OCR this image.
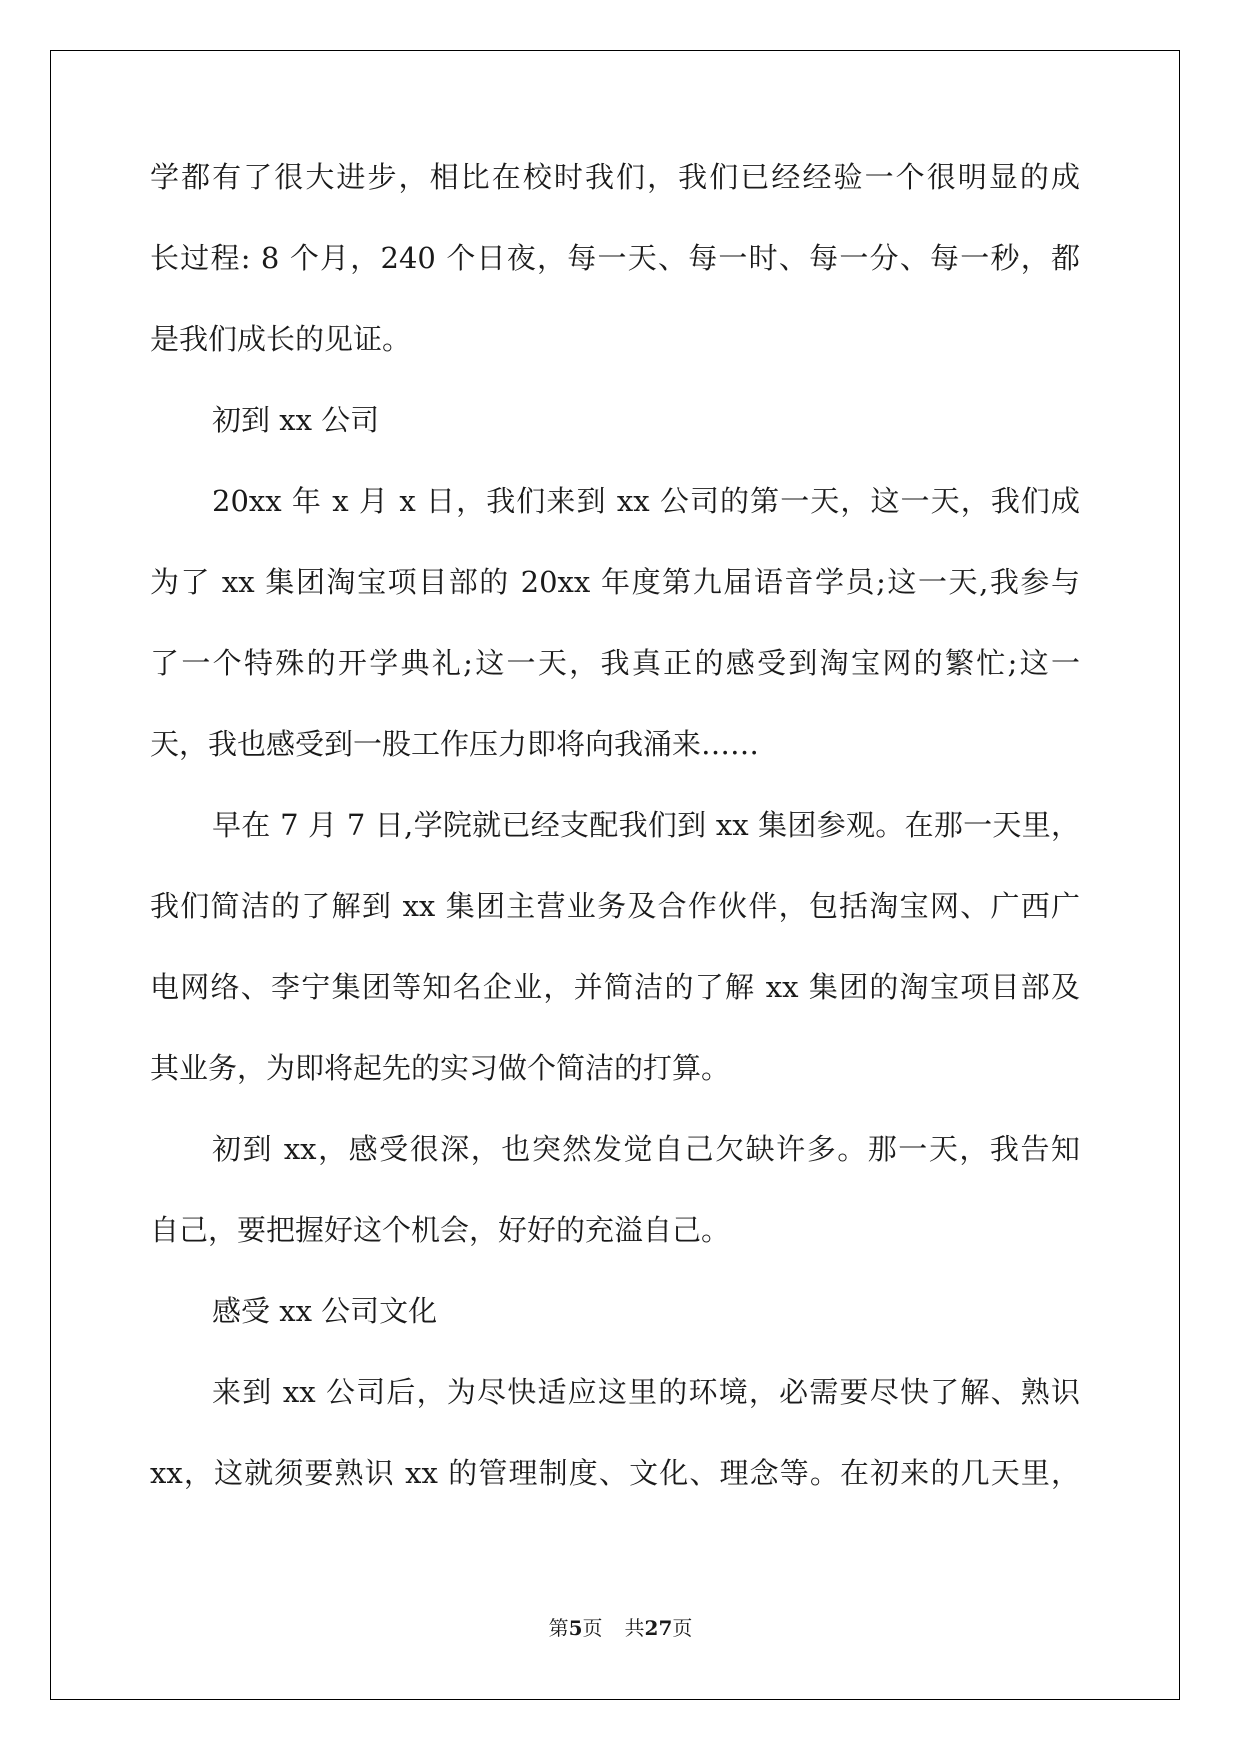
学都有了很大进步，相比在校时我们，我们已经经验一个很明显的成
长过程: 8 个月，240 个日夜，每一天、每一时、每一分、每一秒，都
是我们成长的见证。
初到 xx 公司
20xx 年 x 月 x 日，我们来到 xx 公司的第一天，这一天，我们成
为了 xx 集团淘宝项目部的 20xx 年度第九届语音学员;这一天,我参与
了一个特殊的开学典礼;这一天，我真正的感受到淘宝网的繁忙;这一
天，我也感受到一股工作压力即将向我涌来……
早在 7 月 7 日,学院就已经支配我们到 xx 集团参观。在那一天里，
我们简洁的了解到 xx 集团主营业务及合作伙伴，包括淘宝网、广西广
电网络、李宁集团等知名企业，并简洁的了解 xx 集团的淘宝项目部及
其业务，为即将起先的实习做个简洁的打算。
初到 xx，感受很深，也突然发觉自己欠缺许多。那一天，我告知
自己，要把握好这个机会，好好的充溢自己。
感受 xx 公司文化
来到 xx 公司后，为尽快适应这里的环境，必需要尽快了解、熟识
xx，这就须要熟识 xx 的管理制度、文化、理念等。在初来的几天里，
第5页 共27页
